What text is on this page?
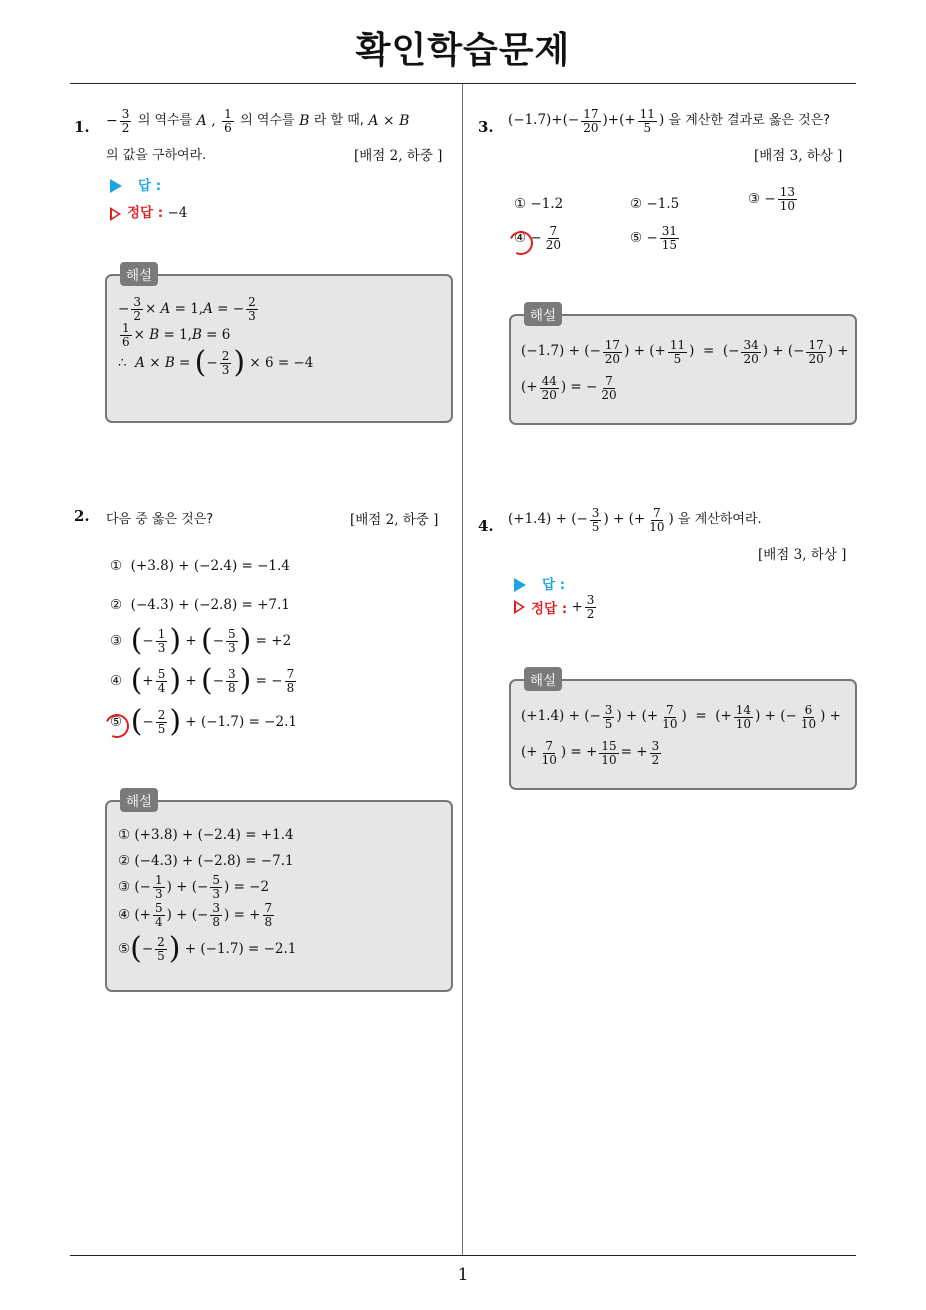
확인학습문제
1
1. − $\frac{3}{2}$
의 역수를
A , $\frac{1}{6}$
의 역수를
B
라 할 때,
A × B
의 값을 구하여라.	[배점 2, 하중 ]
답 :
정답 : −4
해설
− $\frac{3}{2} \times A = 1$, A = − $\frac{2}{3}$
$\frac{1}{6} \times B = 1$, B = 6
∴ A × B = ( − $\frac{2}{3}$ ) × 6 = −4
2. 다음 중 옳은 것은?	[배점 2, 하중 ]
①  (+3.8) + (−2.4) = −1.4
②  (−4.3) + (−2.8) = +7.1
③ ( − $\frac{1}{3}$ ) + ( − $\frac{5}{3}$ ) = +2
④ ( + $\frac{5}{4}$ ) + ( − $\frac{3}{8}$ ) = − $\frac{7}{8}$
⑤ ( − $\frac{2}{5}$ ) + (−1.7) = −2.1
해설
① (+3.8) + (−2.4) = +1.4
② (−4.3) + (−2.8) = −7.1
③ (− $\frac{1}{3}$ ) + (− $\frac{5}{3}$ ) = −2
④ (+ $\frac{5}{4}$ ) + (− $\frac{3}{8}$ ) = + $\frac{7}{8}$
⑤ ( − $\frac{2}{5}$ ) + (−1.7) = −2.1
3. $(-1.7)+(- \frac{17}{20}$ )+(+ $\frac{11}{5}$ ) 을 계산한 결과로 옳은 것은?
[배점 3, 하상 ]
① −1.2	② −1.5	③ − $\frac{13}{10}$
④ − $\frac{7}{20}$	⑤ − $\frac{31}{15}$
해설
(−1.7) + (− $\frac{17}{20}$ ) + (+ $\frac{11}{5}$ )  =  (− $\frac{34}{20}$ ) + (− $\frac{17}{20}$ ) +
(+ $\frac{44}{20}$ ) = − $\frac{7}{20}$
4. (+1.4) + (− $\frac{3}{5}$ ) + (+ $\frac{7}{10}$ ) 을 계산하여라.
[배점 3, 하상 ]
답 :
정답 : + $\frac{3}{2}$
해설
(+1.4) + (− $\frac{3}{5}$ ) + (+ $\frac{7}{10}$ )  =  (+ $\frac{14}{10}$ ) + (− $\frac{6}{10}$ ) +
(+ $\frac{7}{10}$ ) = + $\frac{15}{10}$ = + $\frac{3}{2}$
